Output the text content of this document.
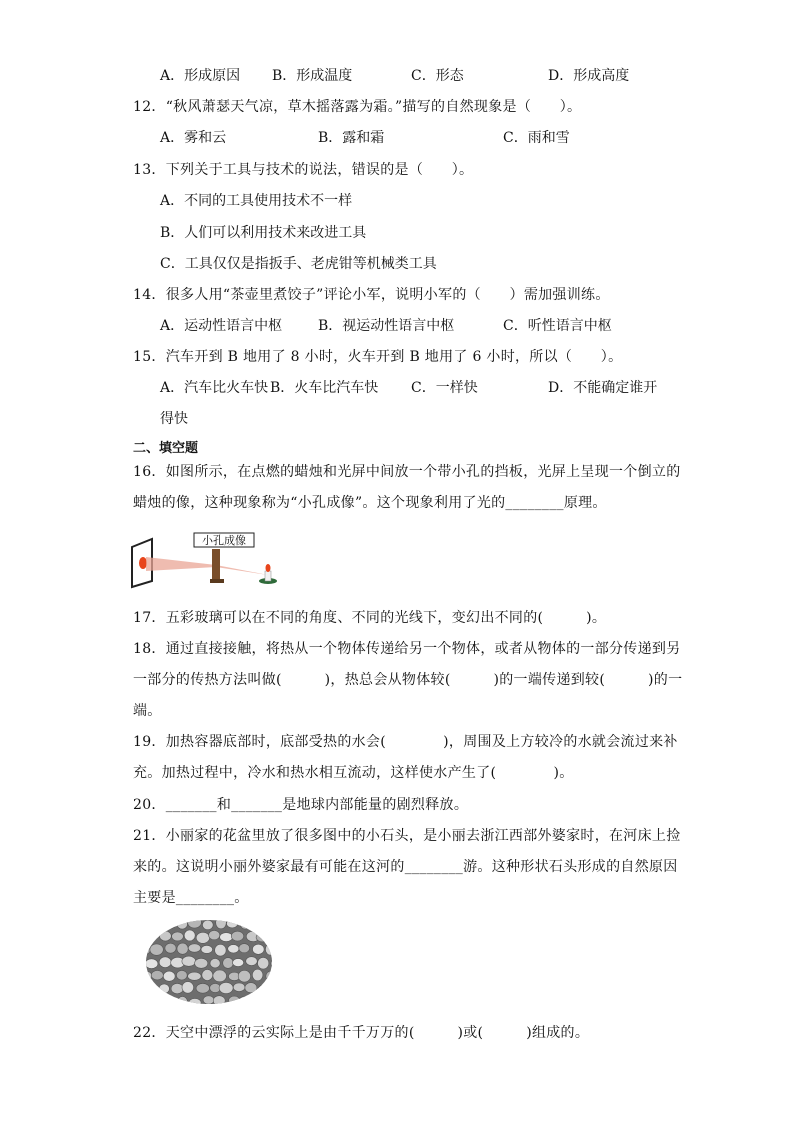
A．形成原因 B．形成温度	C．形态	D．形成高度
12．“秋风萧瑟天气凉，草木摇落露为霜。”描写的自然现象是（　　）。
A．雾和云	B．露和霜	C．雨和雪
13．下列关于工具与技术的说法，错误的是（　　）。
A．不同的工具使用技术不一样
B．人们可以利用技术来改进工具
C．工具仅仅是指扳手、老虎钳等机械类工具
14．很多人用“茶壶里煮饺子”评论小军，说明小军的（　　）需加强训练。
A．运动性语言中枢	B．视运动性语言中枢	C．听性语言中枢
15．汽车开到 B 地用了 8 小时，火车开到 B 地用了 6 小时，所以（　　）。
A．汽车比火车快 B．火车比汽车快 C．一样快	D．不能确定谁开
得快
二、填空题
16．如图所示，在点燃的蜡烛和光屏中间放一个带小孔的挡板，光屏上呈现一个倒立的
蜡烛的像，这种现象称为“小孔成像”。这个现象利用了光的________原理。
小孔成像
17．五彩玻璃可以在不同的角度、不同的光线下，变幻出不同的(　　　)。
18．通过直接接触，将热从一个物体传递给另一个物体，或者从物体的一部分传递到另
一部分的传热方法叫做(　　　)，热总会从物体较(　　　)的一端传递到较(　　　)的一
端。
19．加热容器底部时，底部受热的水会(　　　　)，周围及上方较冷的水就会流过来补
充。加热过程中，冷水和热水相互流动，这样使水产生了(　　　　)。
20．_______和_______是地球内部能量的剧烈释放。
21．小丽家的花盆里放了很多图中的小石头，是小丽去浙江西部外婆家时，在河床上捡
来的。这说明小丽外婆家最有可能在这河的________游。这种形状石头形成的自然原因
主要是________。
22．天空中漂浮的云实际上是由千千万万的(　　　)或(　　　)组成的。
